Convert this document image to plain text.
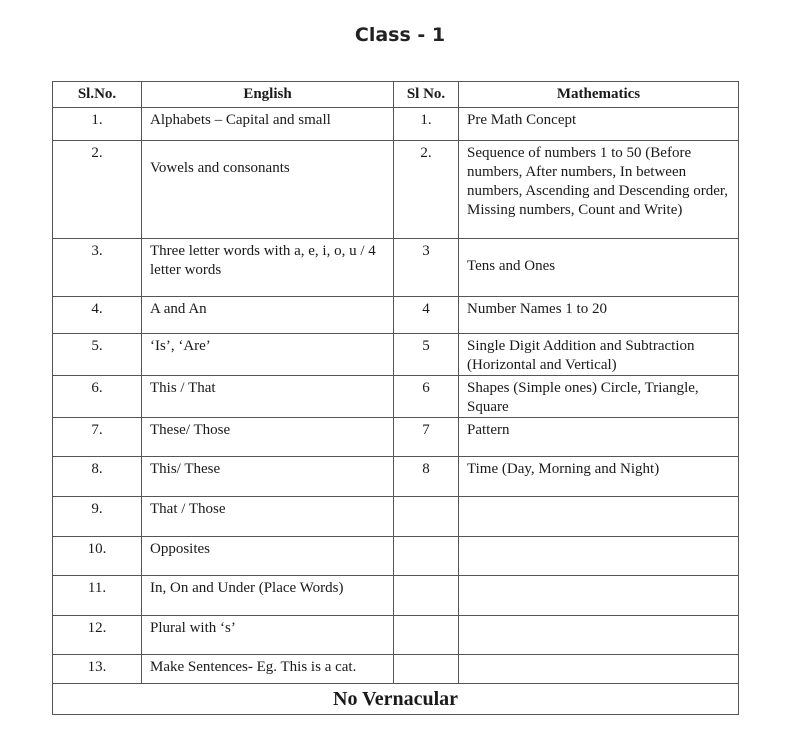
Class - 1
Sl.No.	English	Sl No.	Mathematics
1.	Alphabets – Capital and small	1.	Pre Math Concept
2.	Vowels and consonants	2.	Sequence of numbers 1 to 50 (Before numbers, After numbers, In between numbers, Ascending and Descending order, Missing numbers, Count and Write)
3.	Three letter words with a, e, i, o, u / 4 letter words	3	Tens and Ones
4.	A and An	4	Number Names 1 to 20
5.	‘Is’, ‘Are’	5	Single Digit Addition and Subtraction (Horizontal and Vertical)
6.	This / That	6	Shapes (Simple ones) Circle, Triangle, Square
7.	These/ Those	7	Pattern
8.	This/ These	8	Time (Day, Morning and Night)
9.	That / Those		
10.	Opposites		
11.	In, On and Under (Place Words)		
12.	Plural with ‘s’		
13.	Make Sentences- Eg. This is a cat.		
No Vernacular			
